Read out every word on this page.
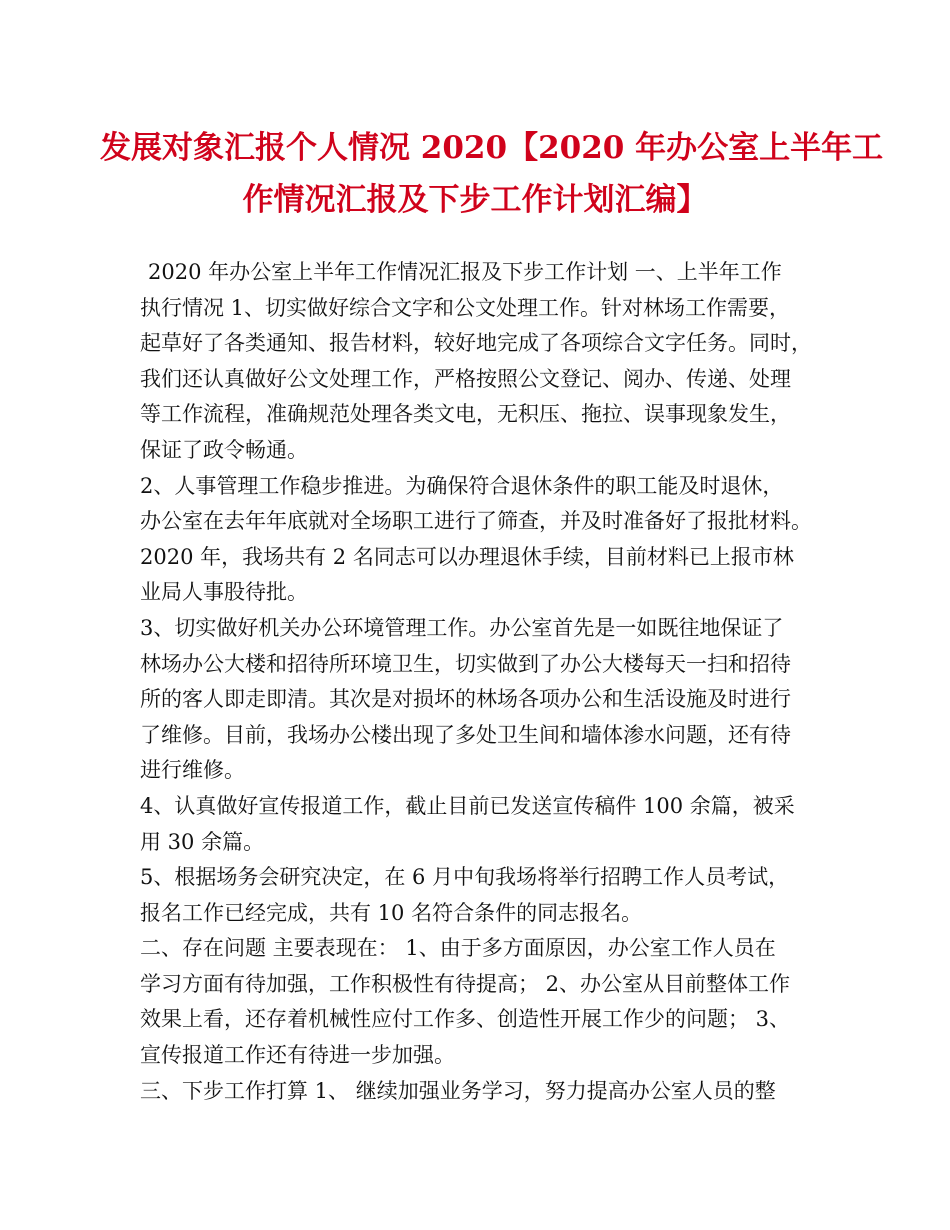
发展对象汇报个人情况 2020【2020 年办公室上半年工
作情况汇报及下步工作计划汇编】
2020 年办公室上半年工作情况汇报及下步工作计划 一、上半年工作
执行情况 1、切实做好综合文字和公文处理工作。针对林场工作需要，
起草好了各类通知、报告材料，较好地完成了各项综合文字任务。同时，
我们还认真做好公文处理工作，严格按照公文登记、阅办、传递、处理
等工作流程，准确规范处理各类文电，无积压、拖拉、误事现象发生，
保证了政令畅通。
2、人事管理工作稳步推进。为确保符合退休条件的职工能及时退休，
办公室在去年年底就对全场职工进行了筛查，并及时准备好了报批材料。
2020 年，我场共有 2 名同志可以办理退休手续，目前材料已上报市林
业局人事股待批。
3、切实做好机关办公环境管理工作。办公室首先是一如既往地保证了
林场办公大楼和招待所环境卫生，切实做到了办公大楼每天一扫和招待
所的客人即走即清。其次是对损坏的林场各项办公和生活设施及时进行
了维修。目前，我场办公楼出现了多处卫生间和墙体渗水问题，还有待
进行维修。
4、认真做好宣传报道工作，截止目前已发送宣传稿件 100 余篇，被采
用 30 余篇。
5、根据场务会研究决定，在 6 月中旬我场将举行招聘工作人员考试，
报名工作已经完成，共有 10 名符合条件的同志报名。
二、存在问题 主要表现在： 1、由于多方面原因，办公室工作人员在
学习方面有待加强，工作积极性有待提高； 2、办公室从目前整体工作
效果上看，还存着机械性应付工作多、创造性开展工作少的问题； 3、
宣传报道工作还有待进一步加强。
三、下步工作打算 1、 继续加强业务学习，努力提高办公室人员的整
